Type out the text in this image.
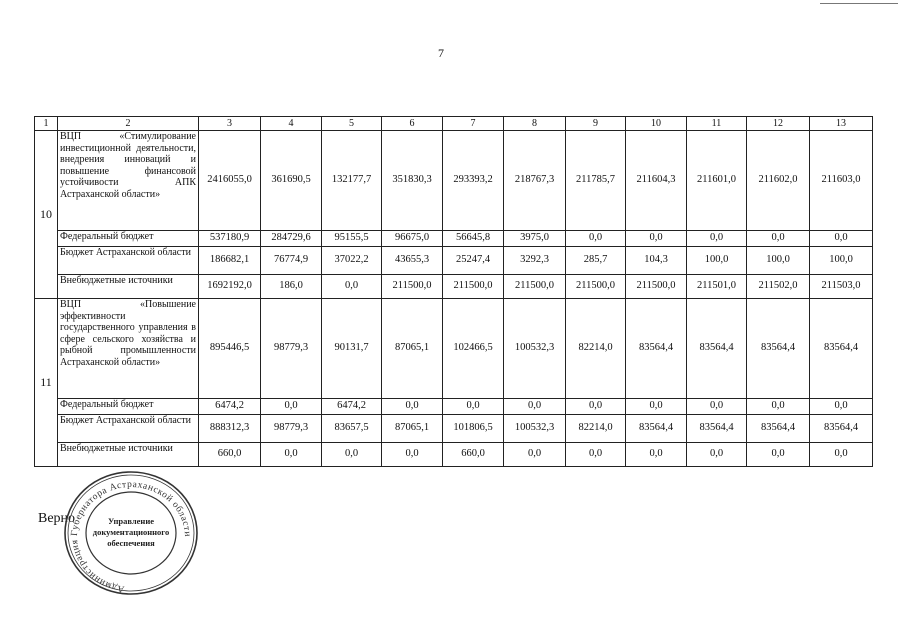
7
1	2	3	4	5	6	7	8	9	10	11	12	13
10	ВЦП «Стимулирование инвестиционной деятельности, внедрения инноваций и повышение финансовой устойчивости АПК Астраханской области»	2416055,0	361690,5	132177,7	351830,3	293393,2	218767,3	211785,7	211604,3	211601,0	211602,0	211603,0
	Федеральный бюджет	537180,9	284729,6	95155,5	96675,0	56645,8	3975,0	0,0	0,0	0,0	0,0	0,0
	Бюджет Астраханской области	186682,1	76774,9	37022,2	43655,3	25247,4	3292,3	285,7	104,3	100,0	100,0	100,0
	Внебюджетные источники	1692192,0	186,0	0,0	211500,0	211500,0	211500,0	211500,0	211500,0	211501,0	211502,0	211503,0
11	ВЦП «Повышение эффективности государственного управления в сфере сельского хозяйства и рыбной промышленности Астраханской области»	895446,5	98779,3	90131,7	87065,1	102466,5	100532,3	82214,0	83564,4	83564,4	83564,4	83564,4
	Федеральный бюджет	6474,2	0,0	6474,2	0,0	0,0	0,0	0,0	0,0	0,0	0,0	0,0
	Бюджет Астраханской области	888312,3	98779,3	83657,5	87065,1	101806,5	100532,3	82214,0	83564,4	83564,4	83564,4	83564,4
	Внебюджетные источники	660,0	0,0	0,0	0,0	660,0	0,0	0,0	0,0	0,0	0,0	0,0
Верно
Администрация Губернатора Астраханской области
Управление
документационного
обеспечения
